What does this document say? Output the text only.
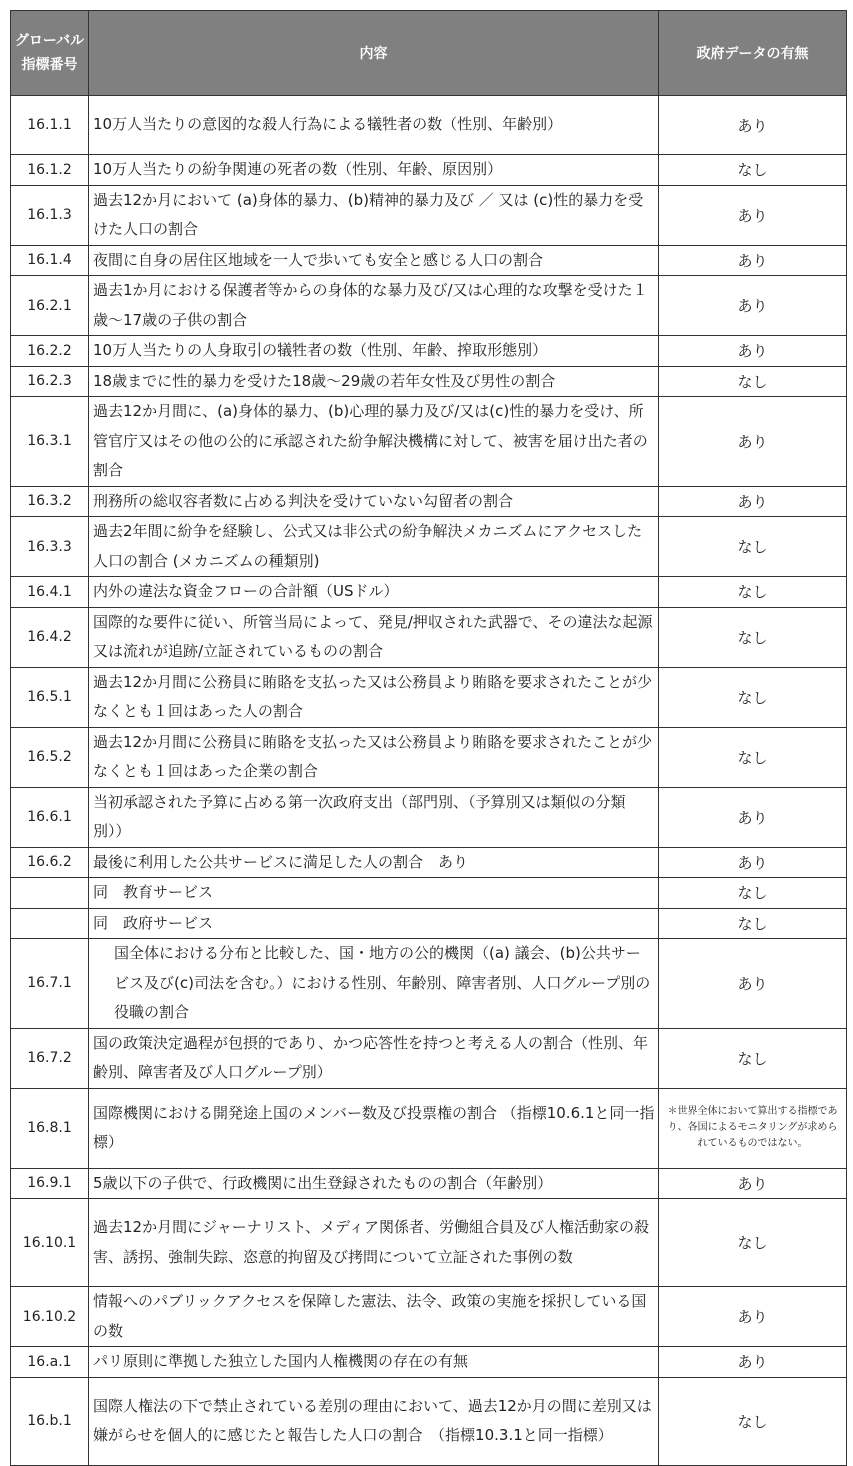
グローバル指標番号	内容	政府データの有無
16.1.1	10万人当たりの意図的な殺人行為による犠牲者の数（性別、年齢別）	あり
16.1.2	10万人当たりの紛争関連の死者の数（性別、年齢、原因別）	なし
16.1.3	過去12か月において (a)身体的暴力、(b)精神的暴力及び ／ 又は (c)性的暴力を受けた人口の割合	あり
16.1.4	夜間に自身の居住区地域を一人で歩いても安全と感じる人口の割合	あり
16.2.1	過去1か月における保護者等からの身体的な暴力及び/又は心理的な攻撃を受けた１歳～17歳の子供の割合	あり
16.2.2	10万人当たりの人身取引の犠牲者の数（性別、年齢、搾取形態別）	あり
16.2.3	18歳までに性的暴力を受けた18歳～29歳の若年女性及び男性の割合	なし
16.3.1	過去12か月間に、(a)身体的暴力、(b)心理的暴力及び/又は(c)性的暴力を受け、所管官庁又はその他の公的に承認された紛争解決機構に対して、被害を届け出た者の割合	あり
16.3.2	刑務所の総収容者数に占める判決を受けていない勾留者の割合	あり
16.3.3	過去2年間に紛争を経験し、公式又は非公式の紛争解決メカニズムにアクセスした人口の割合 (メカニズムの種類別)	なし
16.4.1	内外の違法な資金フローの合計額（USドル）	なし
16.4.2	国際的な要件に従い、所管当局によって、発見/押収された武器で、その違法な起源又は流れが追跡/立証されているものの割合	なし
16.5.1	過去12か月間に公務員に賄賂を支払った又は公務員より賄賂を要求されたことが少なくとも１回はあった人の割合	なし
16.5.2	過去12か月間に公務員に賄賂を支払った又は公務員より賄賂を要求されたことが少なくとも１回はあった企業の割合	なし
16.6.1	当初承認された予算に占める第一次政府支出（部門別、（予算別又は類似の分類別））	あり
16.6.2	最後に利用した公共サービスに満足した人の割合　あり	あり
	同　教育サービス	なし
	同　政府サービス	なし
16.7.1	国全体における分布と比較した、国・地方の公的機関（(a) 議会、(b)公共サービス及び(c)司法を含む。）における性別、年齢別、障害者別、人口グループ別の役職の割合	あり
16.7.2	国の政策決定過程が包摂的であり、かつ応答性を持つと考える人の割合（性別、年齢別、障害者及び人口グループ別）	なし
16.8.1	国際機関における開発途上国のメンバー数及び投票権の割合 （指標10.6.1と同一指標）	＊世界全体において算出する指標であり、各国によるモニタリングが求められているものではない。
16.9.1	5歳以下の子供で、行政機関に出生登録されたものの割合（年齢別）	あり
16.10.1	過去12か月間にジャーナリスト、メディア関係者、労働組合員及び人権活動家の殺害、誘拐、強制失踪、恣意的拘留及び拷問について立証された事例の数	なし
16.10.2	情報へのパブリックアクセスを保障した憲法、法令、政策の実施を採択している国の数	あり
16.a.1	パリ原則に準拠した独立した国内人権機関の存在の有無	あり
16.b.1	国際人権法の下で禁止されている差別の理由において、過去12か月の間に差別又は嫌がらせを個人的に感じたと報告した人口の割合　（指標10.3.1と同一指標）	なし
